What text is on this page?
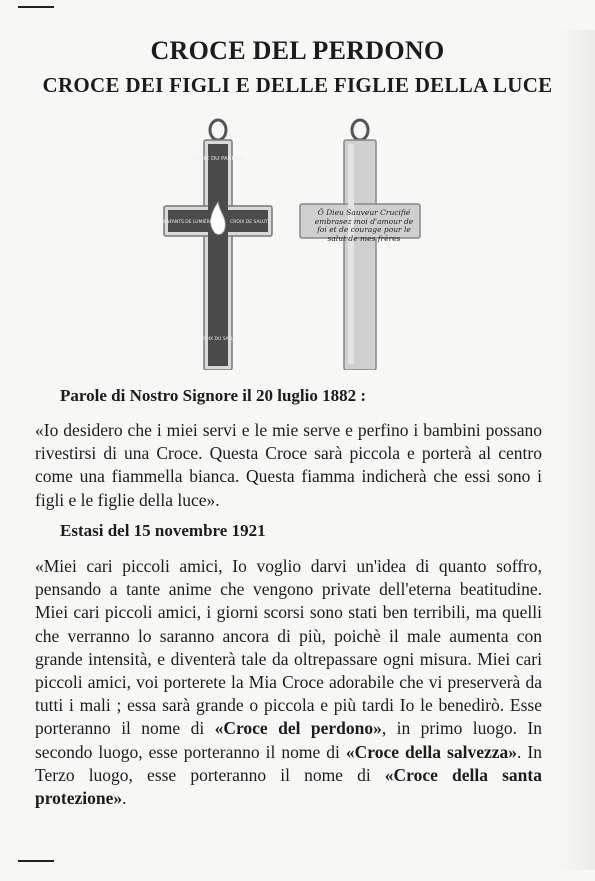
CROCE DEL PERDONO
CROCE DEI FIGLI E DELLE FIGLIE DELLA LUCE
CROIX DU PARDON
ENFANTS DE LUMIÈRE	CROIX DE SALUT
CROIX DU SALUT
Ô Dieu Sauveur Crucifié embrasez moi d'amour de foi et de courage pour le salut de mes frères
Parole di Nostro Signore il 20 luglio 1882 :
«Io desidero che i miei servi e le mie serve e perfino i bambini possano rivestirsi di una Croce. Questa Croce sarà piccola e porterà al centro come una fiammella bianca. Questa fiamma indicherà che essi sono i figli e le figlie della luce».
Estasi del 15 novembre 1921
«Miei cari piccoli amici, Io voglio darvi un'idea di quanto soffro, pensando a tante anime che vengono private dell'eterna beatitudine. Miei cari piccoli amici, i giorni scorsi sono stati ben terribili, ma quelli che verranno lo saranno ancora di più, poichè il male aumenta con grande intensità, e diventerà tale da oltrepassare ogni misura. Miei cari piccoli amici, voi porterete la Mia Croce adorabile che vi preserverà da tutti i mali ; essa sarà grande o piccola e più tardi Io le benedirò. Esse porteranno il nome di «Croce del perdono», in primo luogo. In secondo luogo, esse porteranno il nome di «Croce della salvezza». In Terzo luogo, esse porteranno il nome di «Croce della santa protezione».
